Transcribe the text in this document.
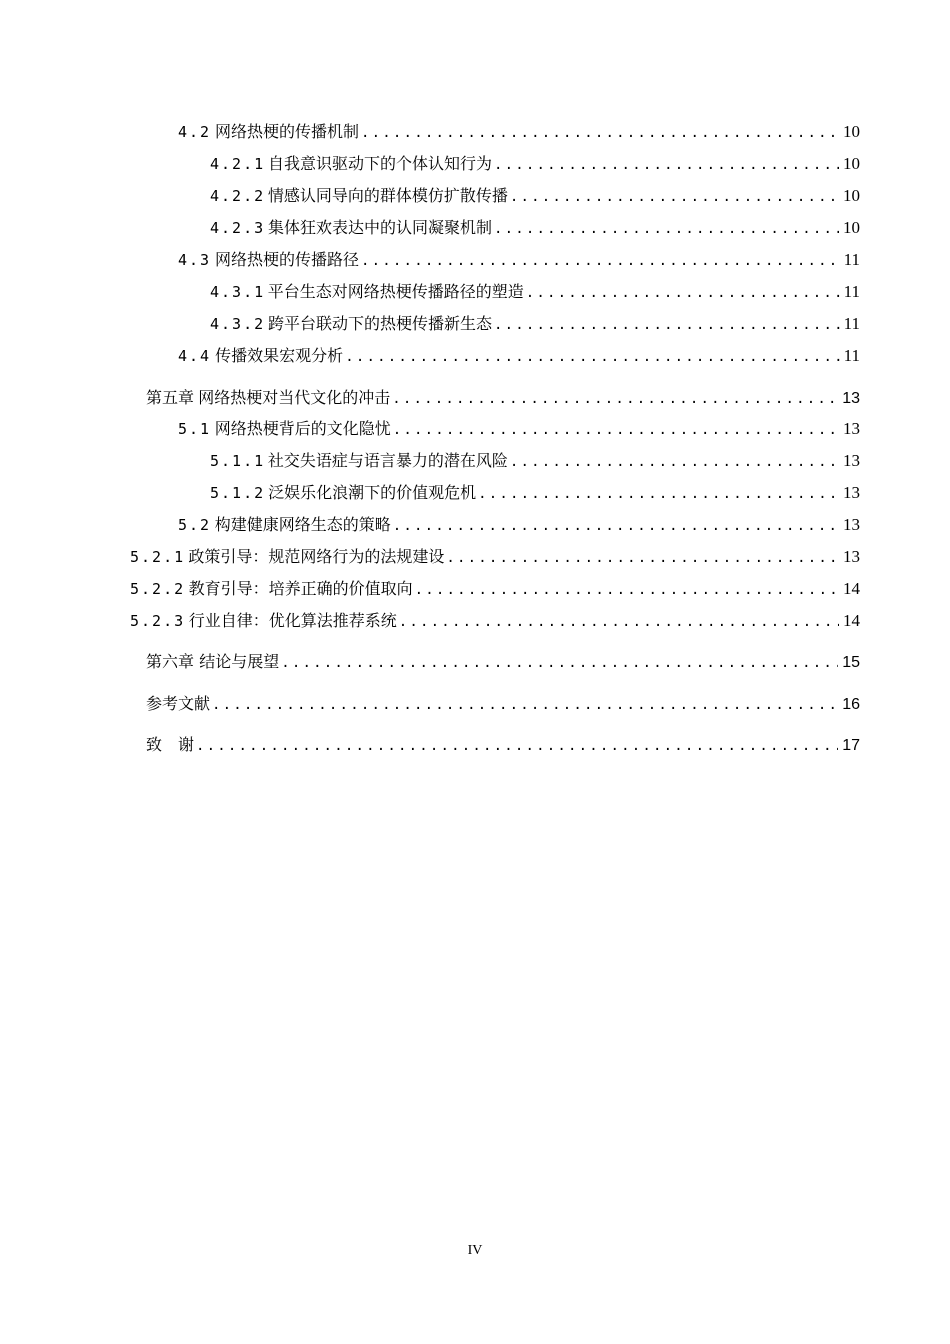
4.2 网络热梗的传播机制 .....	10
4.2.1 自我意识驱动下的个体认知行为 .....	10
4.2.2 情感认同导向的群体模仿扩散传播 .....	10
4.2.3 集体狂欢表达中的认同凝聚机制 .....	10
4.3 网络热梗的传播路径 .....	11
4.3.1 平台生态对网络热梗传播路径的塑造 .....	11
4.3.2 跨平台联动下的热梗传播新生态 .....	11
4.4 传播效果宏观分析 .....	11
第五章 网络热梗对当代文化的冲击 .....	13
5.1 网络热梗背后的文化隐忧 .....	13
5.1.1 社交失语症与语言暴力的潜在风险 .....	13
5.1.2 泛娱乐化浪潮下的价值观危机 .....	13
5.2 构建健康网络生态的策略 .....	13
5.2.1 政策引导：规范网络行为的法规建设 .....	13
5.2.2 教育引导：培养正确的价值取向 .....	14
5.2.3 行业自律：优化算法推荐系统 .....	14
第六章 结论与展望 .....	15
参考文献 .....	16
致　谢 .....	17
IV
